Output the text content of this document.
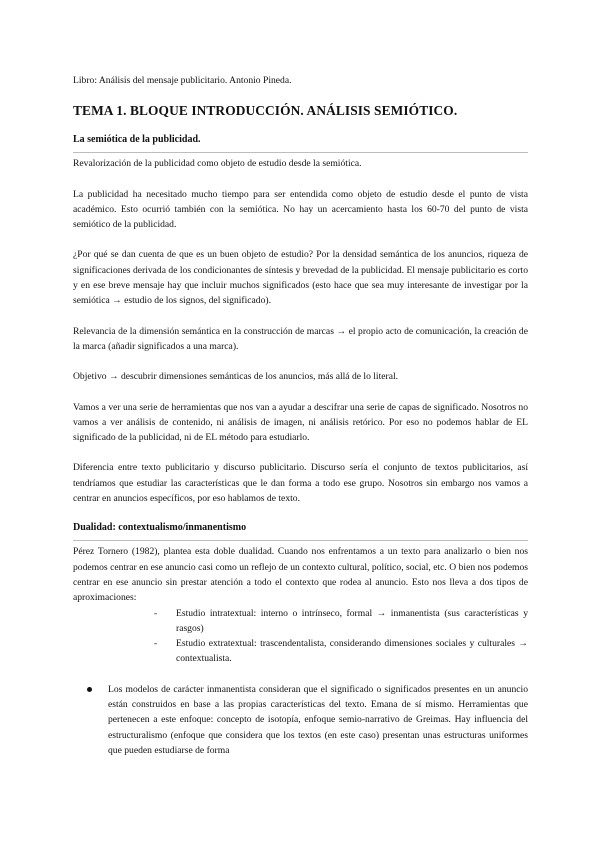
Libro: Análisis del mensaje publicitario. Antonio Pineda.

TEMA 1. BLOQUE INTRODUCCIÓN. ANÁLISIS SEMIÓTICO.
La semiótica de la publicidad.

Revalorización de la publicidad como objeto de estudio desde la semiótica.

La publicidad ha necesitado mucho tiempo para ser entendida como objeto de estudio desde el punto de vista académico. Esto ocurrió también con la semiótica. No hay un acercamiento hasta los 60-70 del punto de vista semiótico de la publicidad.

¿Por qué se dan cuenta de que es un buen objeto de estudio? Por la densidad semántica de los anuncios, riqueza de significaciones derivada de los condicionantes de síntesis y brevedad de la publicidad. El mensaje publicitario es corto y en ese breve mensaje hay que incluir muchos significados (esto hace que sea muy interesante de investigar por la semiótica → estudio de los signos, del significado).

Relevancia de la dimensión semántica en la construcción de marcas → el propio acto de comunicación, la creación de la marca (añadir significados a una marca).

Objetivo → descubrir dimensiones semánticas de los anuncios, más allá de lo literal.

Vamos a ver una serie de herramientas que nos van a ayudar a descifrar una serie de capas de significado. Nosotros no vamos a ver análisis de contenido, ni análisis de imagen, ni análisis retórico. Por eso no podemos hablar de EL significado de la publicidad, ni de EL método para estudiarlo.

Diferencia entre texto publicitario y discurso publicitario. Discurso sería el conjunto de textos publicitarios, así tendríamos que estudiar las características que le dan forma a todo ese grupo. Nosotros sin embargo nos vamos a centrar en anuncios específicos, por eso hablamos de texto.

Dualidad: contextualismo/inmanentismo

Pérez Tornero (1982), plantea esta doble dualidad. Cuando nos enfrentamos a un texto para analizarlo o bien nos podemos centrar en ese anuncio casi como un reflejo de un contexto cultural, político, social, etc. O bien nos podemos centrar en ese anuncio sin prestar atención a todo el contexto que rodea al anuncio. Esto nos lleva a dos tipos de aproximaciones:

- Estudio intratextual: interno o intrínseco, formal → inmanentista (sus características y rasgos)
- Estudio extratextual: trascendentalista, considerando dimensiones sociales y culturales → contextualista.
Los modelos de carácter inmanentista consideran que el significado o significados presentes en un anuncio están construidos en base a las propias características del texto. Emana de sí mismo. Herramientas que pertenecen a este enfoque: concepto de isotopía, enfoque semio-narrativo de Greimas. Hay influencia del estructuralismo (enfoque que considera que los textos (en este caso) presentan unas estructuras uniformes que pueden estudiarse de forma
